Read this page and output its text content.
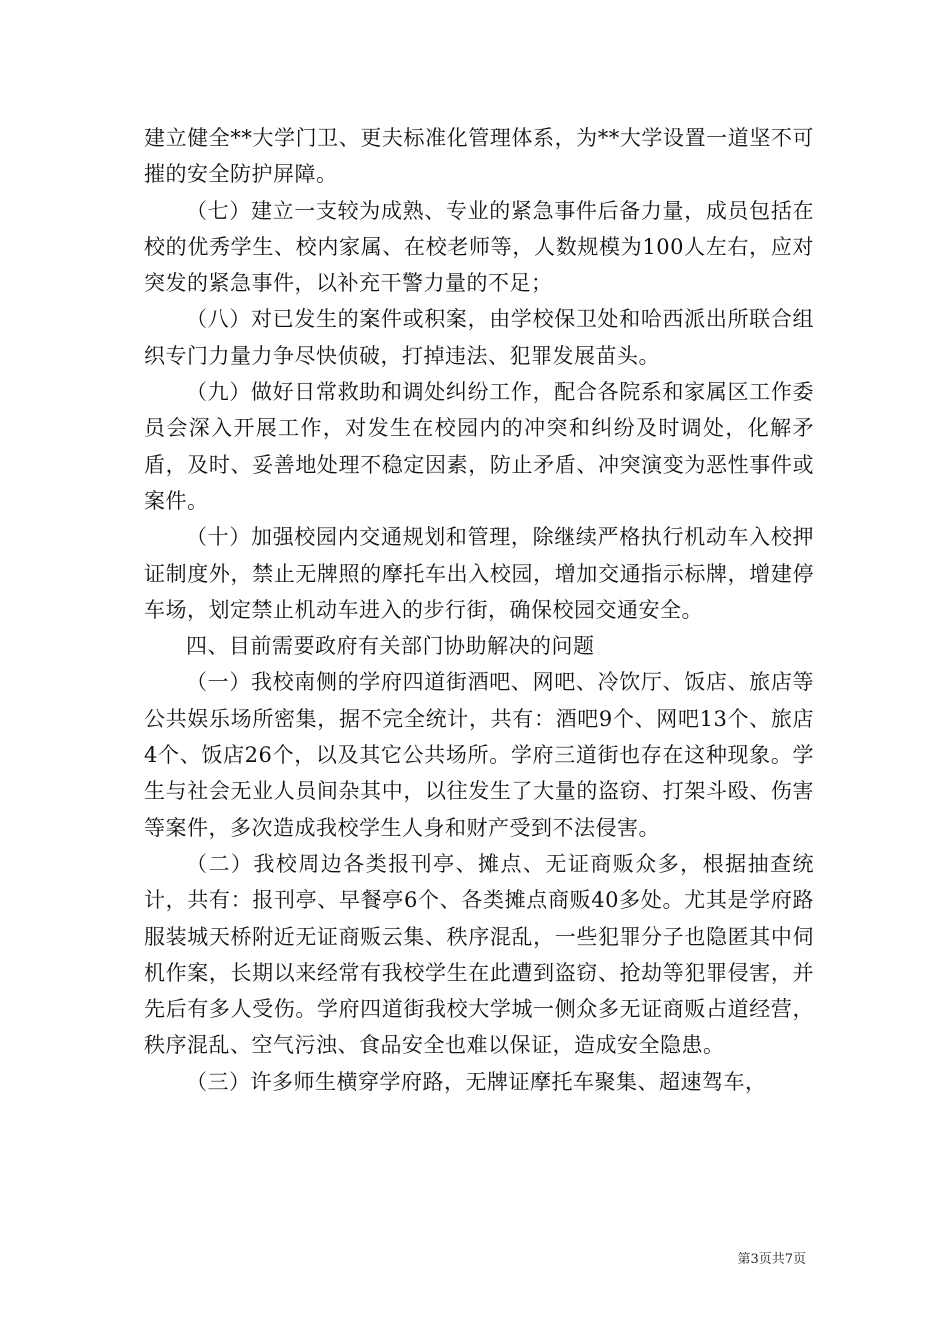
建立健全**大学门卫、更夫标准化管理体系，为**大学设置一道坚不可摧的安全防护屏障。

（七）建立一支较为成熟、专业的紧急事件后备力量，成员包括在校的优秀学生、校内家属、在校老师等，人数规模为100人左右，应对突发的紧急事件，以补充干警力量的不足；

（八）对已发生的案件或积案，由学校保卫处和哈西派出所联合组织专门力量力争尽快侦破，打掉违法、犯罪发展苗头。

（九）做好日常救助和调处纠纷工作，配合各院系和家属区工作委员会深入开展工作，对发生在校园内的冲突和纠纷及时调处，化解矛盾，及时、妥善地处理不稳定因素，防止矛盾、冲突演变为恶性事件或案件。

（十）加强校园内交通规划和管理，除继续严格执行机动车入校押证制度外，禁止无牌照的摩托车出入校园，增加交通指示标牌，增建停车场，划定禁止机动车进入的步行街，确保校园交通安全。

四、目前需要政府有关部门协助解决的问题

（一）我校南侧的学府四道街酒吧、网吧、冷饮厅、饭店、旅店等公共娱乐场所密集，据不完全统计，共有：酒吧9个、网吧13个、旅店4个、饭店26个，以及其它公共场所。学府三道街也存在这种现象。学生与社会无业人员间杂其中，以往发生了大量的盗窃、打架斗殴、伤害等案件，多次造成我校学生人身和财产受到不法侵害。

（二）我校周边各类报刊亭、摊点、无证商贩众多，根据抽查统计，共有：报刊亭、早餐亭6个、各类摊点商贩40多处。尤其是学府路服装城天桥附近无证商贩云集、秩序混乱，一些犯罪分子也隐匿其中伺机作案，长期以来经常有我校学生在此遭到盗窃、抢劫等犯罪侵害，并先后有多人受伤。学府四道街我校大学城一侧众多无证商贩占道经营，秩序混乱、空气污浊、食品安全也难以保证，造成安全隐患。

（三）许多师生横穿学府路，无牌证摩托车聚集、超速驾车，

第3页共7页
